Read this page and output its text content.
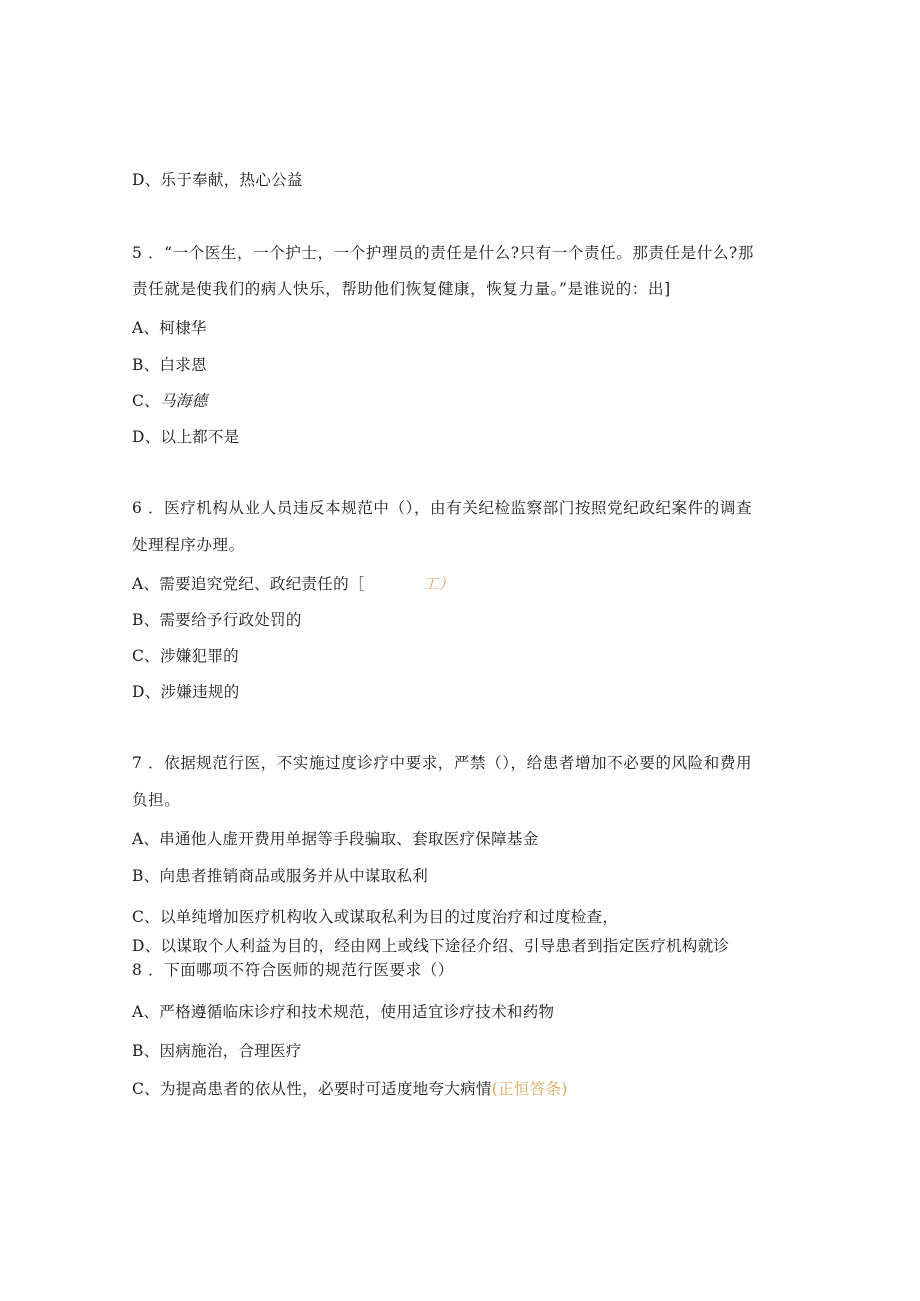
D、乐于奉献，热心公益
5 ．“一个医生，一个护士，一个护理员的责任是什么?只有一个责任。那责任是什么?那
责任就是使我们的病人快乐，帮助他们恢复健康，恢复力量。”是谁说的：出]
A、柯棣华
B、白求恩
C、马海德
D、以上都不是
6 ．医疗机构从业人员违反本规范中（），由有关纪检监察部门按照党纪政纪案件的调查
处理程序办理。
A、需要追究党纪、政纪责任的［	工）
B、需要给予行政处罚的
C、涉嫌犯罪的
D、涉嫌违规的
7 ．依据规范行医，不实施过度诊疗中要求，严禁（），给患者增加不必要的风险和费用
负担。
A、串通他人虚开费用单据等手段骗取、套取医疗保障基金
B、向患者推销商品或服务并从中谋取私利
C、以单纯增加医疗机构收入或谋取私利为目的过度治疗和过度检查，
D、以谋取个人利益为目的，经由网上或线下途径介绍、引导患者到指定医疗机构就诊
8 ．下面哪项不符合医师的规范行医要求（）
A、严格遵循临床诊疗和技术规范，使用适宜诊疗技术和药物
B、因病施治，合理医疗
C、为提高患者的依从性，必要时可适度地夸大病情(正恒答条)
